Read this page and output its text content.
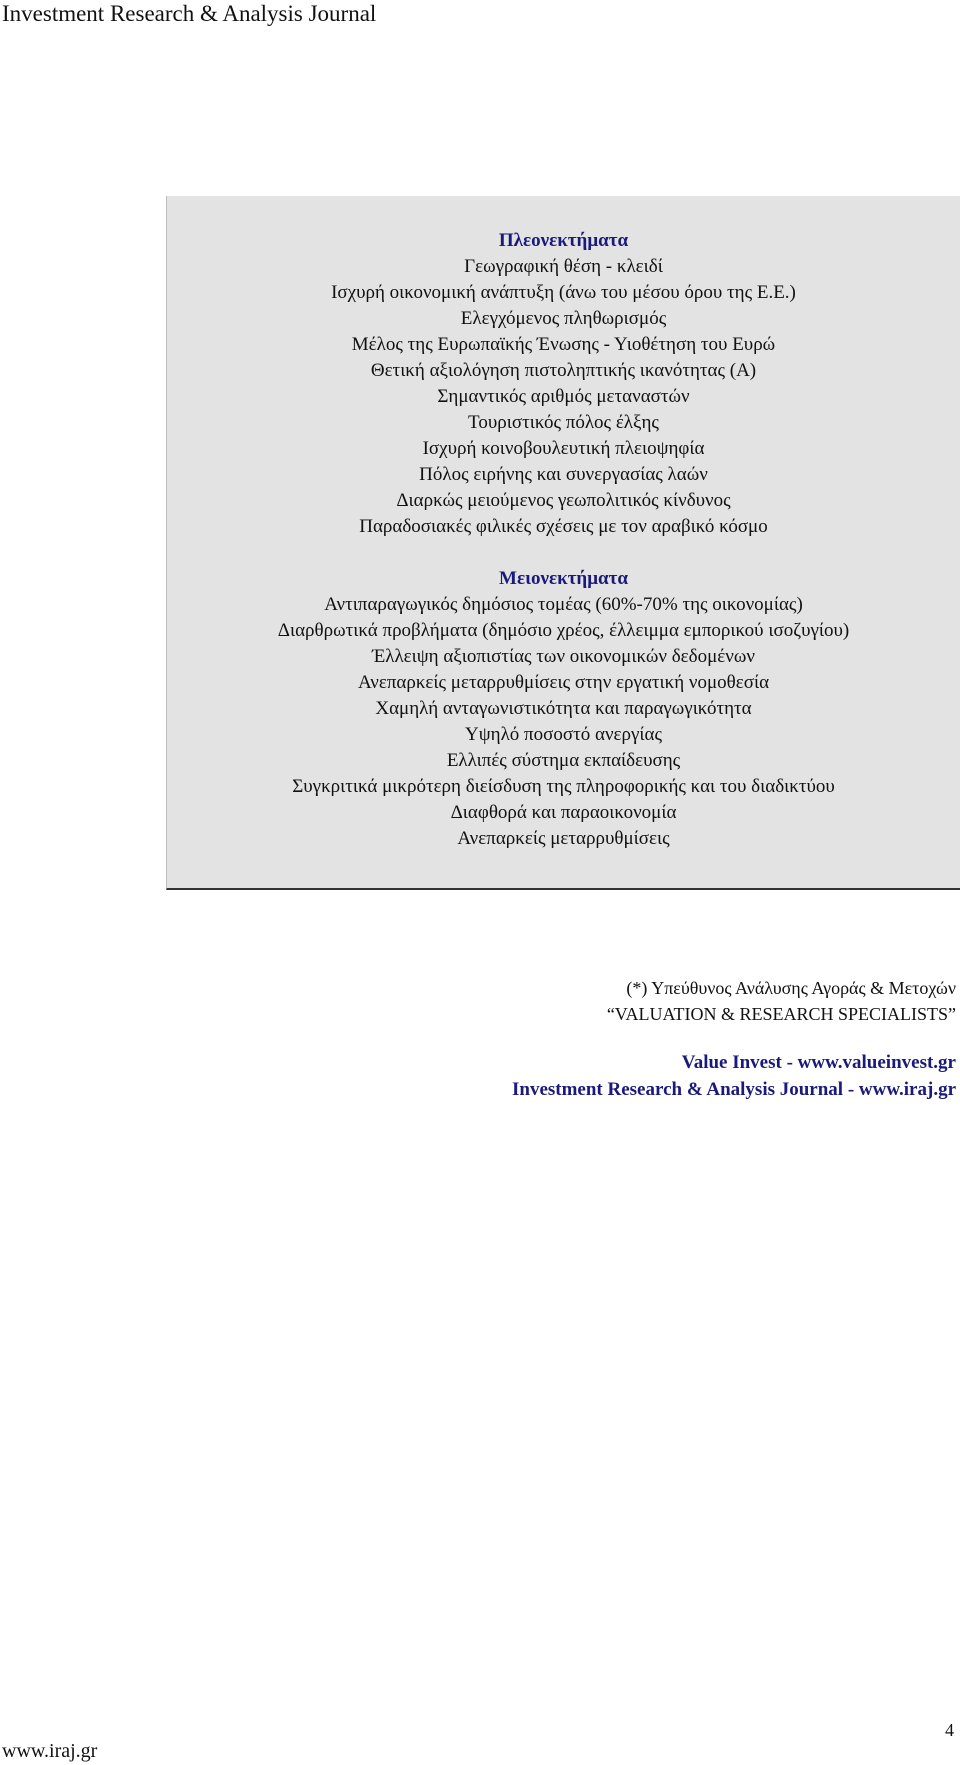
Investment Research & Analysis Journal
Πλεονεκτήματα
Γεωγραφική θέση - κλειδί
Ισχυρή οικονομική ανάπτυξη (άνω του μέσου όρου της Ε.Ε.)
Ελεγχόμενος πληθωρισμός
Μέλος της Ευρωπαϊκής Ένωσης - Υιοθέτηση του Ευρώ
Θετική αξιολόγηση πιστοληπτικής ικανότητας (Α)
Σημαντικός αριθμός μεταναστών
Τουριστικός πόλος έλξης
Ισχυρή κοινοβουλευτική πλειοψηφία
Πόλος ειρήνης και συνεργασίας λαών
Διαρκώς μειούμενος γεωπολιτικός κίνδυνος
Παραδοσιακές φιλικές σχέσεις με τον αραβικό κόσμο
Μειονεκτήματα
Αντιπαραγωγικός δημόσιος τομέας (60%-70% της οικονομίας)
Διαρθρωτικά προβλήματα (δημόσιο χρέος, έλλειμμα εμπορικού ισοζυγίου)
Έλλειψη αξιοπιστίας των οικονομικών δεδομένων
Ανεπαρκείς μεταρρυθμίσεις στην εργατική νομοθεσία
Χαμηλή ανταγωνιστικότητα και παραγωγικότητα
Υψηλό ποσοστό ανεργίας
Ελλιπές σύστημα εκπαίδευσης
Συγκριτικά μικρότερη διείσδυση της πληροφορικής και του διαδικτύου
Διαφθορά και παραοικονομία
Ανεπαρκείς μεταρρυθμίσεις
(*) Υπεύθυνος Ανάλυσης Αγοράς & Μετοχών
“VALUATION & RESEARCH SPECIALISTS”
Value Invest - www.valueinvest.gr
Investment Research & Analysis Journal - www.iraj.gr
4
www.iraj.gr
